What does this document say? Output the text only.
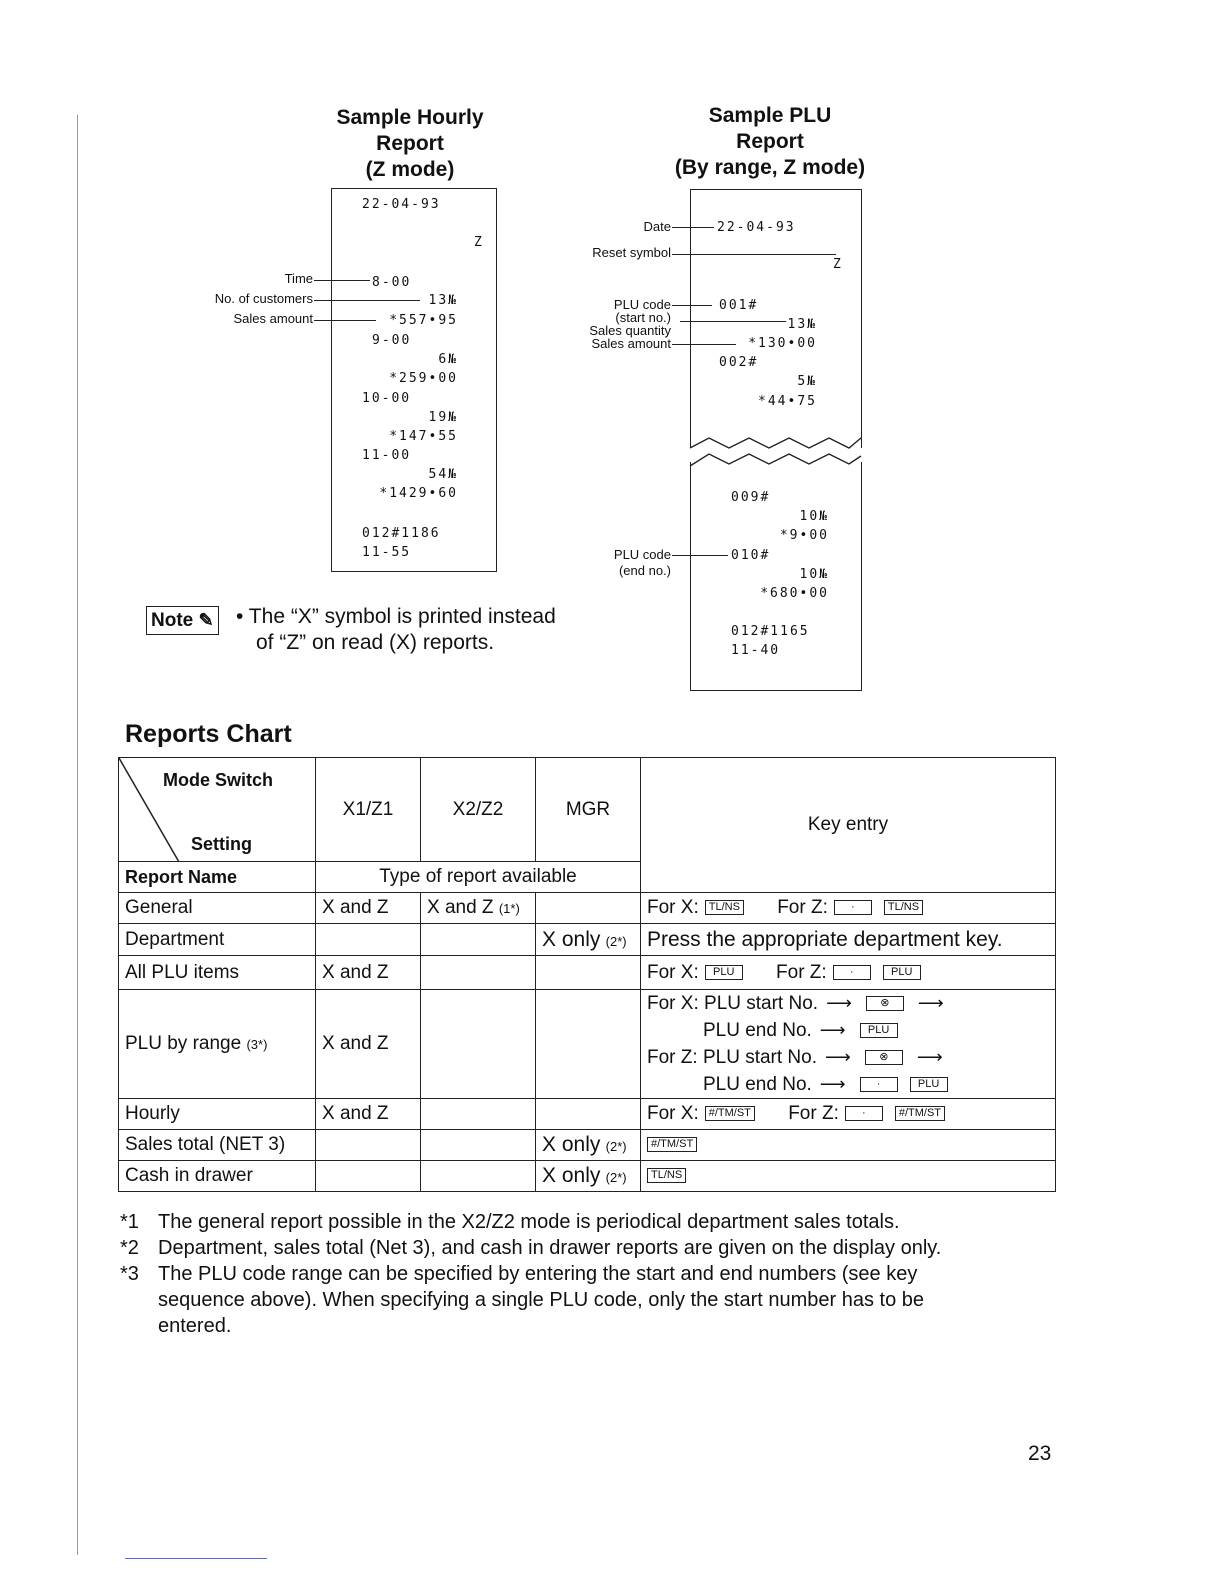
Sample Hourly
Report
(Z mode)
22-04-93
Z
8-00
13№
*557•95
9-00
6№
*259•00
10-00
19№
*147•55
11-00
54№
*1429•60
012#1186
11-55
Time
No. of customers
Sales amount
Sample PLU
Report
(By range, Z mode)
22-04-93
Z
001#
13№
*130•00
002#
5№
*44•75
009#
10№
*9•00
010#
10№
*680•00
012#1165
11-40
Date
Reset symbol
PLU code
(start no.)
Sales quantity
Sales amount
PLU code
(end no.)
Note ✎ • The “X” symbol is printed instead
of “Z” on read (X) reports.
Reports Chart
Mode Switch
Setting	X1/Z1	X2/Z2	MGR	Key entry
Report Name	Type of report available			
General	X and Z	X and Z (1*)		For X: TL/NS For Z: · TL/NS
Department			X only (2*)	Press the appropriate department key.
All PLU items	X and Z			For X: PLU For Z: · PLU
PLU by range (3*)	X and Z			For X: PLU start No. ⟶ ⊗ ⟶
PLU end No. ⟶ PLU
For Z: PLU start No. ⟶ ⊗ ⟶
PLU end No. ⟶ · PLU

Hourly	X and Z			For X: #/TM/ST For Z: · #/TM/ST
Sales total (NET 3)			X only (2*)	#/TM/ST
Cash in drawer			X only (2*)	TL/NS
*1 The general report possible in the X2/Z2 mode is periodical department sales totals.
*2 Department, sales total (Net 3), and cash in drawer reports are given on the display only.
*3 The PLU code range can be specified by entering the start and end numbers (see key
sequence above). When specifying a single PLU code, only the start number has to be
entered.
23
